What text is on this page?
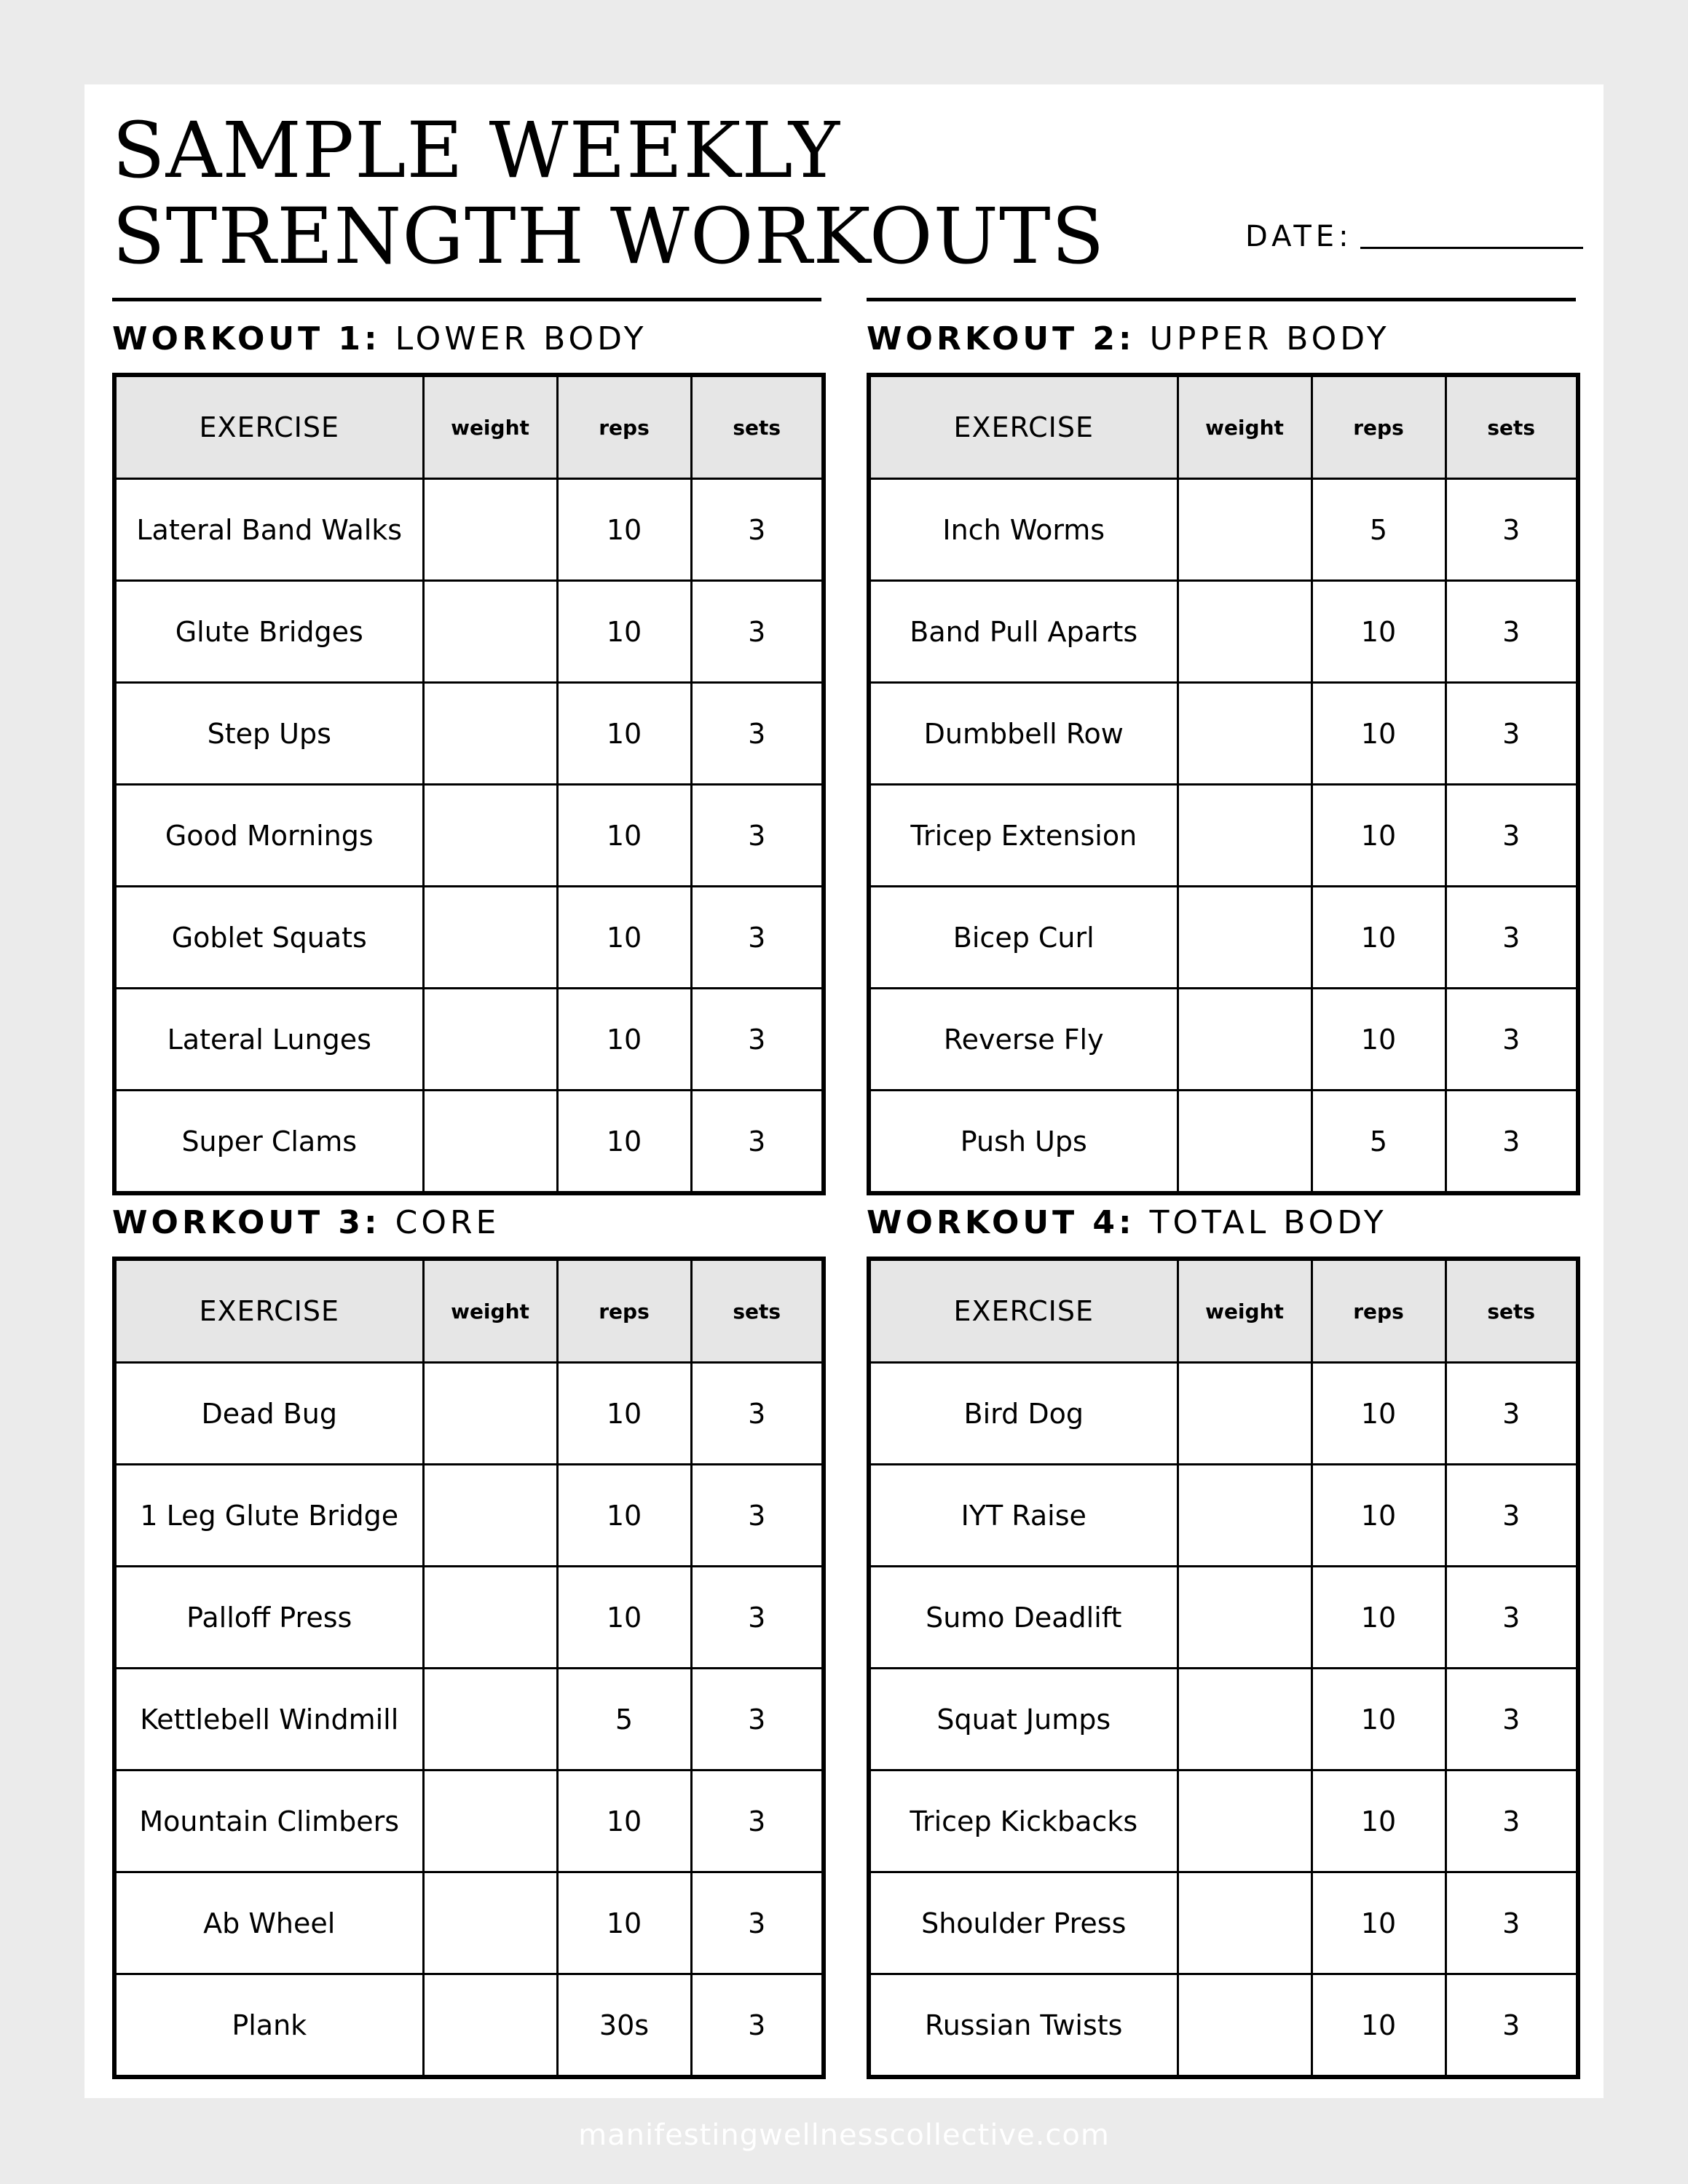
SAMPLE WEEKLY
STRENGTH WORKOUTS	DATE:
WORKOUT 1: LOWER BODY
EXERCISE	weight	reps	sets
Lateral Band Walks		10	3
Glute Bridges		10	3
Step Ups		10	3
Good Mornings		10	3
Goblet Squats		10	3
Lateral Lunges		10	3
Super Clams		10	3
WORKOUT 2: UPPER BODY
EXERCISE	weight	reps	sets
Inch Worms		5	3
Band Pull Aparts		10	3
Dumbbell Row		10	3
Tricep Extension		10	3
Bicep Curl		10	3
Reverse Fly		10	3
Push Ups		5	3
WORKOUT 3: CORE
EXERCISE	weight	reps	sets
Dead Bug		10	3
1 Leg Glute Bridge		10	3
Palloff Press		10	3
Kettlebell Windmill		5	3
Mountain Climbers		10	3
Ab Wheel		10	3
Plank		30s	3
WORKOUT 4: TOTAL BODY
EXERCISE	weight	reps	sets
Bird Dog		10	3
IYT Raise		10	3
Sumo Deadlift		10	3
Squat Jumps		10	3
Tricep Kickbacks		10	3
Shoulder Press		10	3
Russian Twists		10	3
manifestingwellnesscollective.com
